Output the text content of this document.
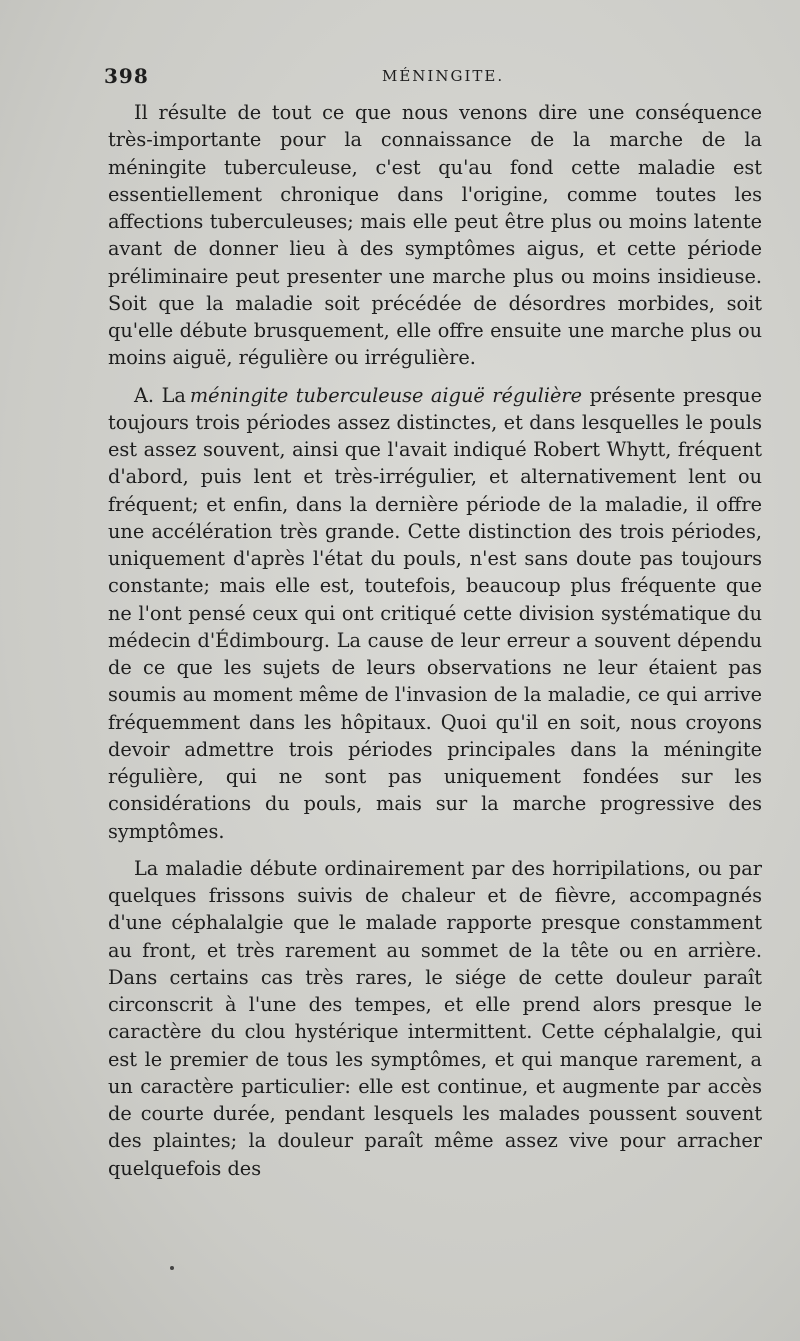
398	MÉNINGITE.

Il résulte de tout ce que nous venons dire une conséquence très-importante pour la connaissance de la marche de la méningite tuberculeuse, c'est qu'au fond cette maladie est essentiellement chronique dans l'origine, comme toutes les affections tuberculeuses; mais elle peut être plus ou moins latente avant de donner lieu à des symptômes aigus, et cette période préliminaire peut presenter une marche plus ou moins insidieuse. Soit que la maladie soit précédée de désordres morbides, soit qu'elle débute brusquement, elle offre ensuite une marche plus ou moins aiguë, régulière ou irrégulière.

A. La méningite tuberculeuse aiguë régulière présente presque toujours trois périodes assez distinctes, et dans lesquelles le pouls est assez souvent, ainsi que l'avait indiqué Robert Whytt, fréquent d'abord, puis lent et très-irrégulier, et alternativement lent ou fréquent; et enfin, dans la dernière période de la maladie, il offre une accélération très grande. Cette distinction des trois périodes, uniquement d'après l'état du pouls, n'est sans doute pas toujours constante; mais elle est, toutefois, beaucoup plus fréquente que ne l'ont pensé ceux qui ont critiqué cette division systématique du médecin d'Édimbourg. La cause de leur erreur a souvent dépendu de ce que les sujets de leurs observations ne leur étaient pas soumis au moment même de l'invasion de la maladie, ce qui arrive fréquemment dans les hôpitaux. Quoi qu'il en soit, nous croyons devoir admettre trois périodes principales dans la méningite régulière, qui ne sont pas uniquement fondées sur les considérations du pouls, mais sur la marche progressive des symptômes.

La maladie débute ordinairement par des horripilations, ou par quelques frissons suivis de chaleur et de fièvre, accompagnés d'une céphalalgie que le malade rapporte presque constamment au front, et très rarement au sommet de la tête ou en arrière. Dans certains cas très rares, le siége de cette douleur paraît circonscrit à l'une des tempes, et elle prend alors presque le caractère du clou hystérique intermittent. Cette céphalalgie, qui est le premier de tous les symptômes, et qui manque rarement, a un caractère particulier: elle est continue, et augmente par accès de courte durée, pendant lesquels les malades poussent souvent des plaintes; la douleur paraît même assez vive pour arracher quelquefois des
